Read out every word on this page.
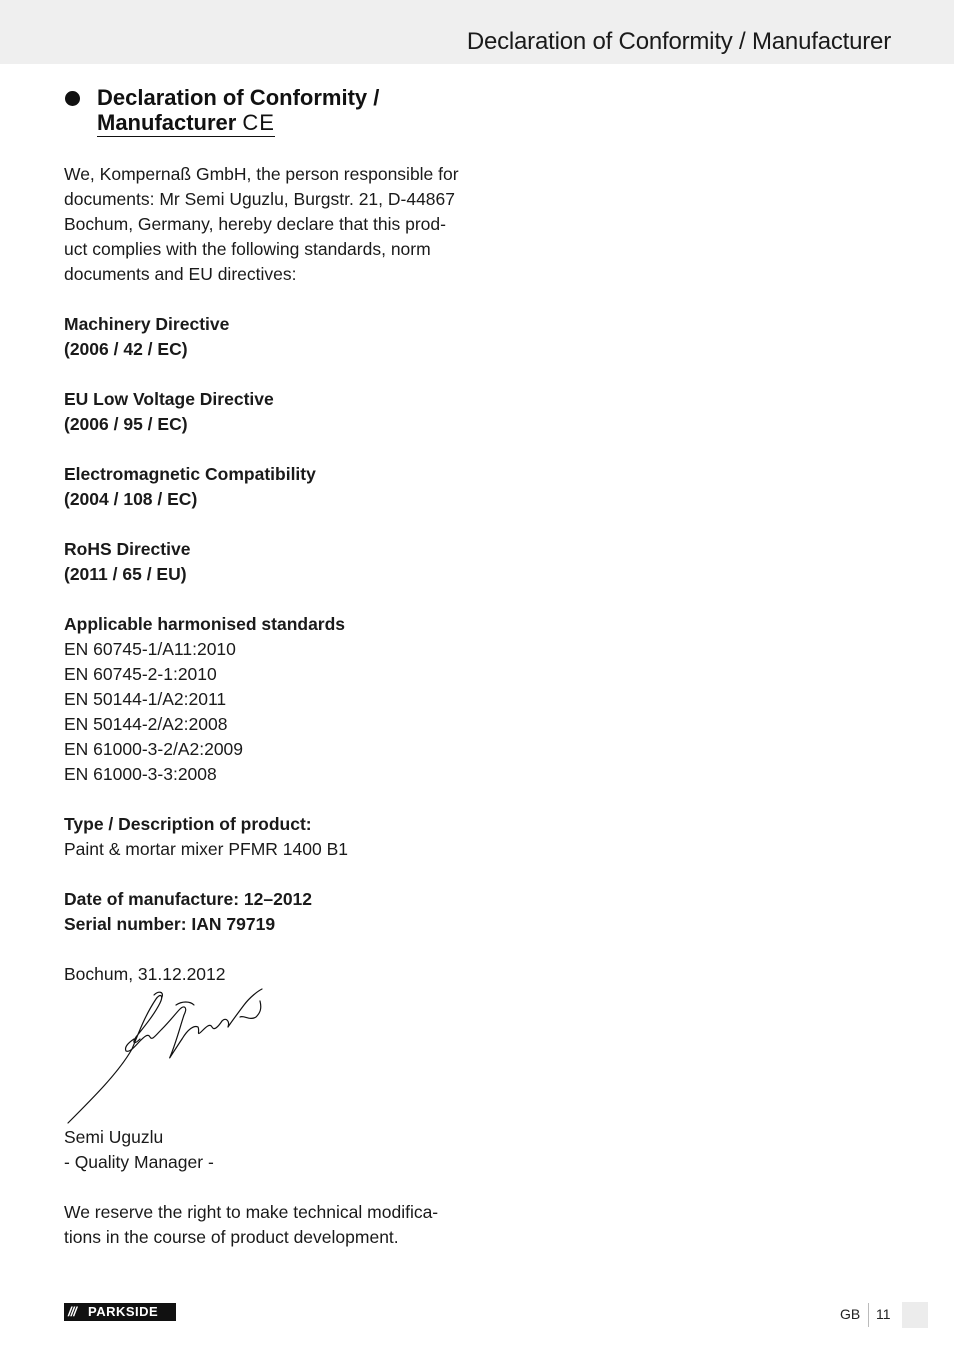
Declaration of Conformity / Manufacturer
Declaration of Conformity /
Manufacturer CE

We, Kompernaß GmbH, the person responsible for

documents: Mr Semi Uguzlu, Burgstr. 21, D-44867

Bochum, Germany, hereby declare that this prod-

uct complies with the following standards, norm

documents and EU directives:

Machinery Directive

(2006 / 42 / EC)

EU Low Voltage Directive

(2006 / 95 / EC)

Electromagnetic Compatibility

(2004 / 108 / EC)

RoHS Directive

(2011 / 65 / EU)

Applicable harmonised standards

EN 60745-1/A11:2010

EN 60745-2-1:2010

EN 50144-1/A2:2011

EN 50144-2/A2:2008

EN 61000-3-2/A2:2009

EN 61000-3-3:2008

Type / Description of product:

Paint & mortar mixer PFMR 1400 B1

Date of manufacture: 12–2012

Serial number: IAN 79719

Bochum, 31.12.2012

Semi Uguzlu

- Quality Manager -

We reserve the right to make technical modifica-

tions in the course of product development.

/// PARKSIDE	GB 11
